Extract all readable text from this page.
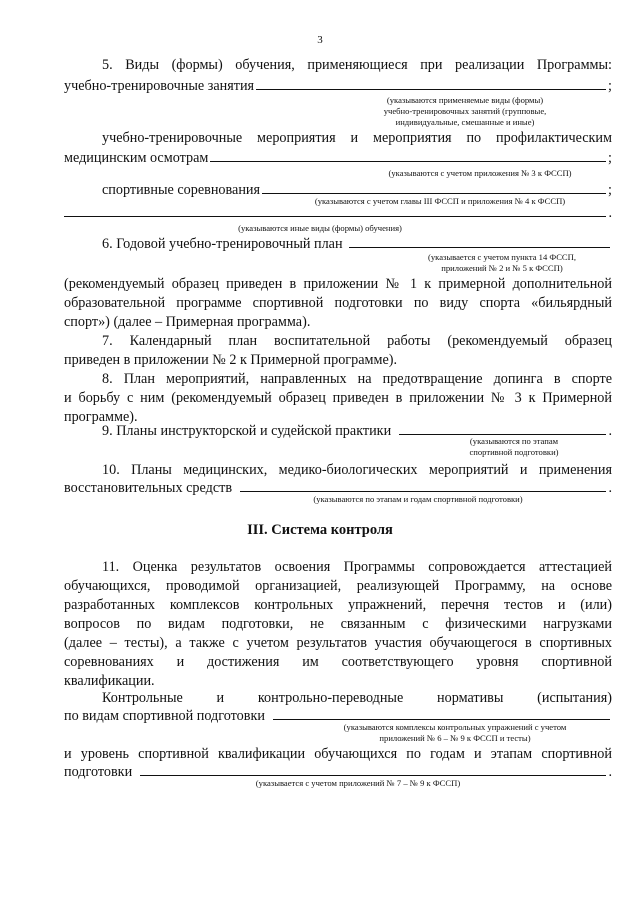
3
5. Виды (формы) обучения, применяющиеся при реализации Программы:
учебно-тренировочные занятия	;
(указываются применяемые виды (формы)
учебно-тренировочных занятий (групповые,
индивидуальные, смешанные и иные)
учебно-тренировочные мероприятия и мероприятия по профилактическим
медицинским осмотрам	;
(указываются с учетом приложения № 3 к ФССП)
спортивные соревнования	;
(указываются с учетом главы III ФССП и приложения № 4 к ФССП)
.
(указываются иные виды (формы) обучения)
6. Годовой учебно-тренировочный план
(указывается с учетом пункта 14 ФССП,
приложений № 2 и № 5 к ФССП)
(рекомендуемый образец приведен в приложении № 1 к примерной дополнительной
образовательной программе спортивной подготовки по виду спорта «бильярдный
спорт») (далее – Примерная программа).
7. Календарный план воспитательной работы (рекомендуемый образец
приведен в приложении № 2 к Примерной программе).
8. План мероприятий, направленных на предотвращение допинга в спорте
и борьбу с ним (рекомендуемый образец приведен в приложении № 3 к Примерной
программе).
9. Планы инструкторской и судейской практики	.
(указываются по этапам
спортивной подготовки)
10. Планы медицинских, медико-биологических мероприятий и применения
восстановительных средств	.
(указываются по этапам и годам спортивной подготовки)
III. Система контроля
11. Оценка результатов освоения Программы сопровождается аттестацией
обучающихся, проводимой организацией, реализующей Программу, на основе
разработанных комплексов контрольных упражнений, перечня тестов и (или)
вопросов по видам подготовки, не связанным с физическими нагрузками
(далее – тесты), а также с учетом результатов участия обучающегося в спортивных
соревнованиях и достижения им соответствующего уровня спортивной
квалификации.
Контрольные и контрольно-переводные нормативы (испытания)
по видам спортивной подготовки
(указываются комплексы контрольных упражнений с учетом
приложений № 6 – № 9 к ФССП и тесты)
и уровень спортивной квалификации обучающихся по годам и этапам спортивной
подготовки	.
(указывается с учетом приложений № 7 – № 9 к ФССП)
